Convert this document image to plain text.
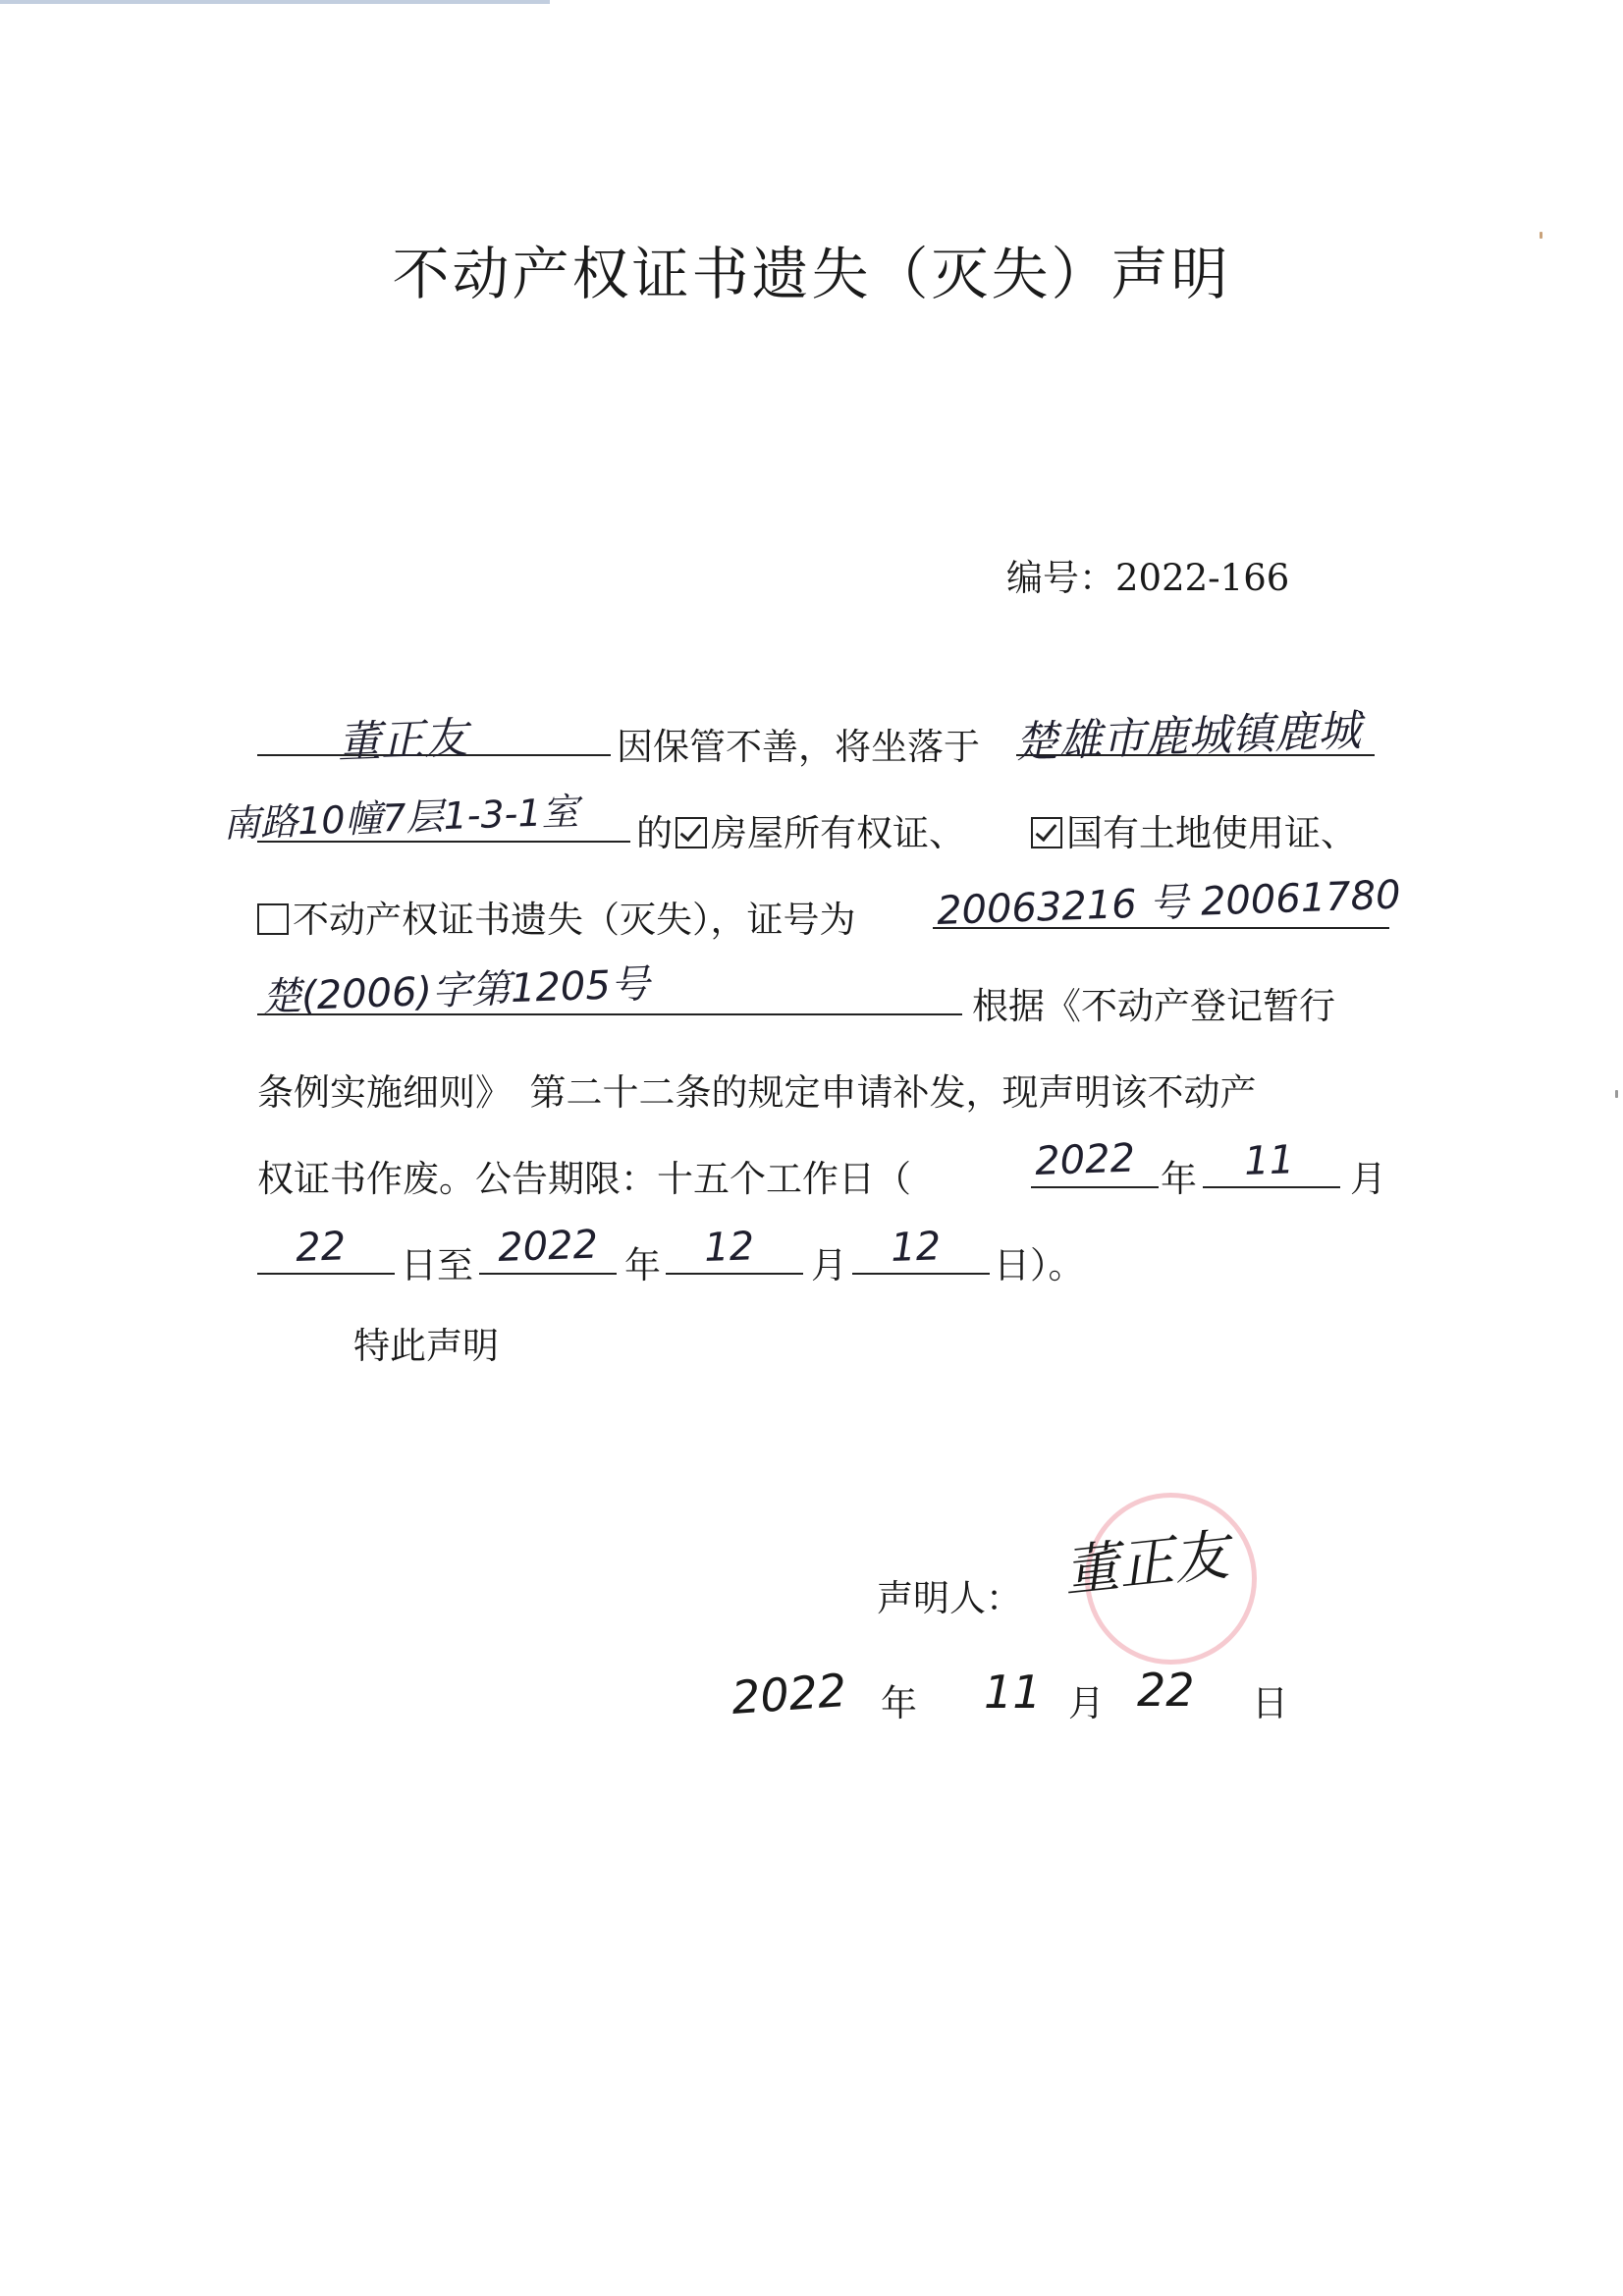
不动产权证书遗失（灭失）声明
编号：2022-166
董正友	因保管不善，将坐落于 楚雄市鹿城镇鹿城
南路10幢7层1-3-1室 的	房屋所有权证、	国有土地使用证、
不动产权证书遗失（灭失），证号为 20063216 号 20061780
楚(2006)字第1205号	根据《不动产登记暂行
条例实施细则》　第二十二条的规定申请补发，现声明该不动产
权证书作废。公告期限：十五个工作日（	2022 年 11 月
22 日至 2022 年 12 月 12 日）。
特此声明
声明人： 董正友
2022 年 11 月 22 日
